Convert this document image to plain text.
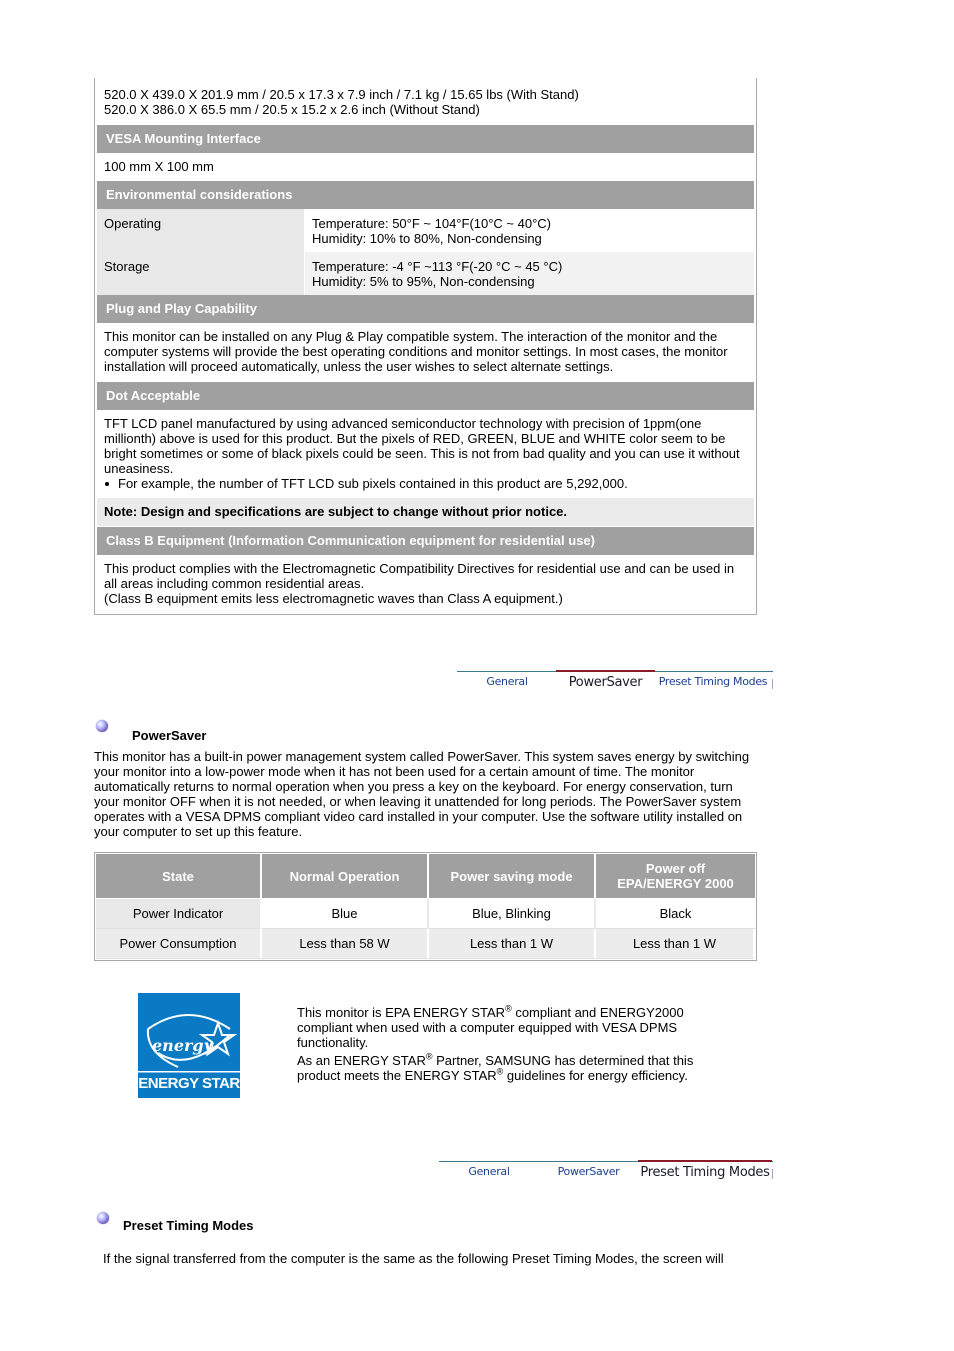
520.0 X 439.0 X 201.9 mm / 20.5 x 17.3 x 7.9 inch / 7.1 kg / 15.65 lbs (With Stand)
520.0 X 386.0 X 65.5 mm / 20.5 x 15.2 x 2.6 inch (Without Stand)
VESA Mounting Interface
100 mm X 100 mm
Environmental considerations
Operating	Temperature: 50°F ~ 104°F(10°C ~ 40°C)
Humidity: 10% to 80%, Non-condensing
Storage	Temperature: -4 °F ~113 °F(-20 °C ~ 45 °C)
Humidity: 5% to 95%, Non-condensing
Plug and Play Capability
This monitor can be installed on any Plug & Play compatible system. The interaction of the monitor and the computer systems will provide the best operating conditions and monitor settings. In most cases, the monitor installation will proceed automatically, unless the user wishes to select alternate settings.
Dot Acceptable
TFT LCD panel manufactured by using advanced semiconductor technology with precision of 1ppm(one millionth) above is used for this product. But the pixels of RED, GREEN, BLUE and WHITE color seem to be bright sometimes or some of black pixels could be seen. This is not from bad quality and you can use it without uneasiness.
For example, the number of TFT LCD sub pixels contained in this product are 5,292,000.
Note: Design and specifications are subject to change without prior notice.
Class B Equipment (Information Communication equipment for residential use)
This product complies with the Electromagnetic Compatibility Directives for residential use and can be used in all areas including common residential areas.
(Class B equipment emits less electromagnetic waves than Class A equipment.)
General	PowerSaver	Preset Timing Modes
PowerSaver
This monitor has a built-in power management system called PowerSaver. This system saves energy by switching your monitor into a low-power mode when it has not been used for a certain amount of time. The monitor automatically returns to normal operation when you press a key on the keyboard. For energy conservation, turn your monitor OFF when it is not needed, or when leaving it unattended for long periods. The PowerSaver system operates with a VESA DPMS compliant video card installed in your computer. Use the software utility installed on your computer to set up this feature.
State	Normal Operation	Power saving mode	Power off
EPA/ENERGY 2000

Power Indicator	Blue	Blue, Blinking	Black
Power Consumption	Less than 58 W	Less than 1 W	Less than 1 W
energy
ENERGY STAR
This monitor is EPA ENERGY STAR® compliant and ENERGY2000 compliant when used with a computer equipped with VESA DPMS functionality.
As an ENERGY STAR® Partner, SAMSUNG has determined that this product meets the ENERGY STAR® guidelines for energy efficiency.
General	PowerSaver	Preset Timing Modes
Preset Timing Modes
If the signal transferred from the computer is the same as the following Preset Timing Modes, the screen will
